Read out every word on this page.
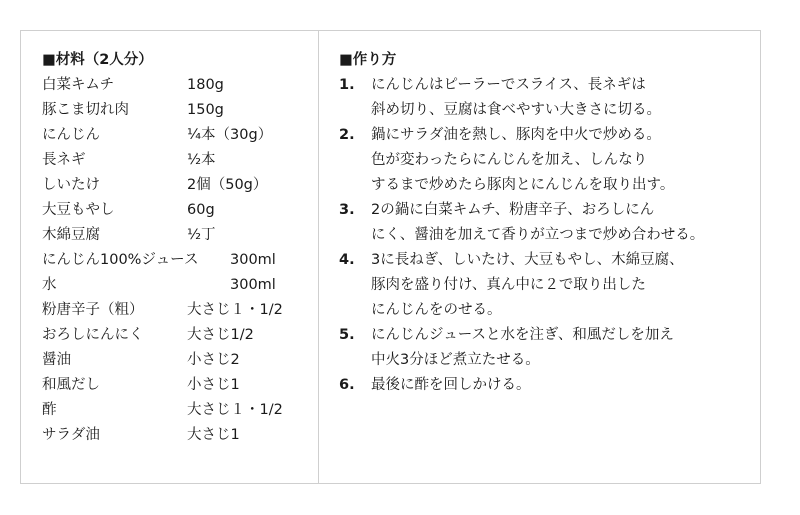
■材料（2人分）
白菜キムチ	180g
豚こま切れ肉	150g
にんじん	¼本（30g）
長ネギ	½本
しいたけ	2個（50g）
大豆もやし	60g
木綿豆腐	½丁
にんじん100%ジュース 300ml
水	300ml
粉唐辛子（粗）	大さじ１・1/2
おろしにんにく	大さじ1/2
醤油	小さじ2
和風だし	小さじ1
酢	大さじ１・1/2
サラダ油	大さじ1
■作り方
1.	にんじんはピーラーでスライス、長ネギは
斜め切り、豆腐は食べやすい大きさに切る。
2.	鍋にサラダ油を熱し、豚肉を中火で炒める。
色が変わったらにんじんを加え、しんなり
するまで炒めたら豚肉とにんじんを取り出す。
3.	2の鍋に白菜キムチ、粉唐辛子、おろしにん
にく、醤油を加えて香りが立つまで炒め合わせる。
4.	3に長ねぎ、しいたけ、大豆もやし、木綿豆腐、
豚肉を盛り付け、真ん中に２で取り出した
にんじんをのせる。
5.	にんじんジュースと水を注ぎ、和風だしを加え
中火3分ほど煮立たせる。
6.	最後に酢を回しかける。
